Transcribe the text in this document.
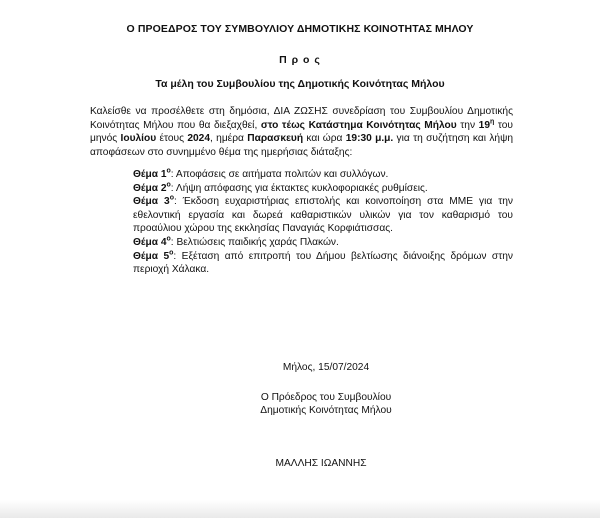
Ο ΠΡΟΕΔΡΟΣ ΤΟΥ ΣΥΜΒΟΥΛΙΟΥ ΔΗΜΟΤΙΚΗΣ ΚΟΙΝΟΤΗΤΑΣ ΜΗΛΟΥ
Π ρ ο ς
Τα μέλη του Συμβουλίου της Δημοτικής Κοινότητας Μήλου
Καλείσθε να προσέλθετε στη δημόσια, ΔΙΑ ΖΩΣΗΣ συνεδρίαση του Συμβουλίου Δημοτικής Κοινότητας Μήλου που θα διεξαχθεί, στο τέως Κατάστημα Κοινότητας Μήλου την $19^\eta$ του μηνός Ιουλίου έτους 2024, ημέρα Παρασκευή και ώρα 19:30 μ.μ. για τη συζήτηση και λήψη αποφάσεων στο συνημμένο θέμα της ημερήσιας διάταξης:

Θέμα $1^o$: Αποφάσεις σε αιτήματα πολιτών και συλλόγων.

Θέμα $2^o$: Λήψη απόφασης για έκτακτες κυκλοφοριακές ρυθμίσεις.

Θέμα $3^o$: Έκδοση ευχαριστήριας επιστολής και κοινοποίηση στα ΜΜΕ για την εθελοντική εργασία και δωρεά καθαριστικών υλικών για τον καθαρισμό του προαύλιου χώρου της εκκλησίας Παναγιάς Κορφιάτισσας.

Θέμα $4^o$: Βελτιώσεις παιδικής χαράς Πλακών.

Θέμα $5^o$: Εξέταση από επιτροπή του Δήμου βελτίωσης διάνοιξης δρόμων στην περιοχή Χάλακα.

Μήλος, 15/07/2024
Ο Πρόεδρος του Συμβουλίου
Δημοτικής Κοινότητας Μήλου
ΜΑΛΛΗΣ ΙΩΑΝΝΗΣ
